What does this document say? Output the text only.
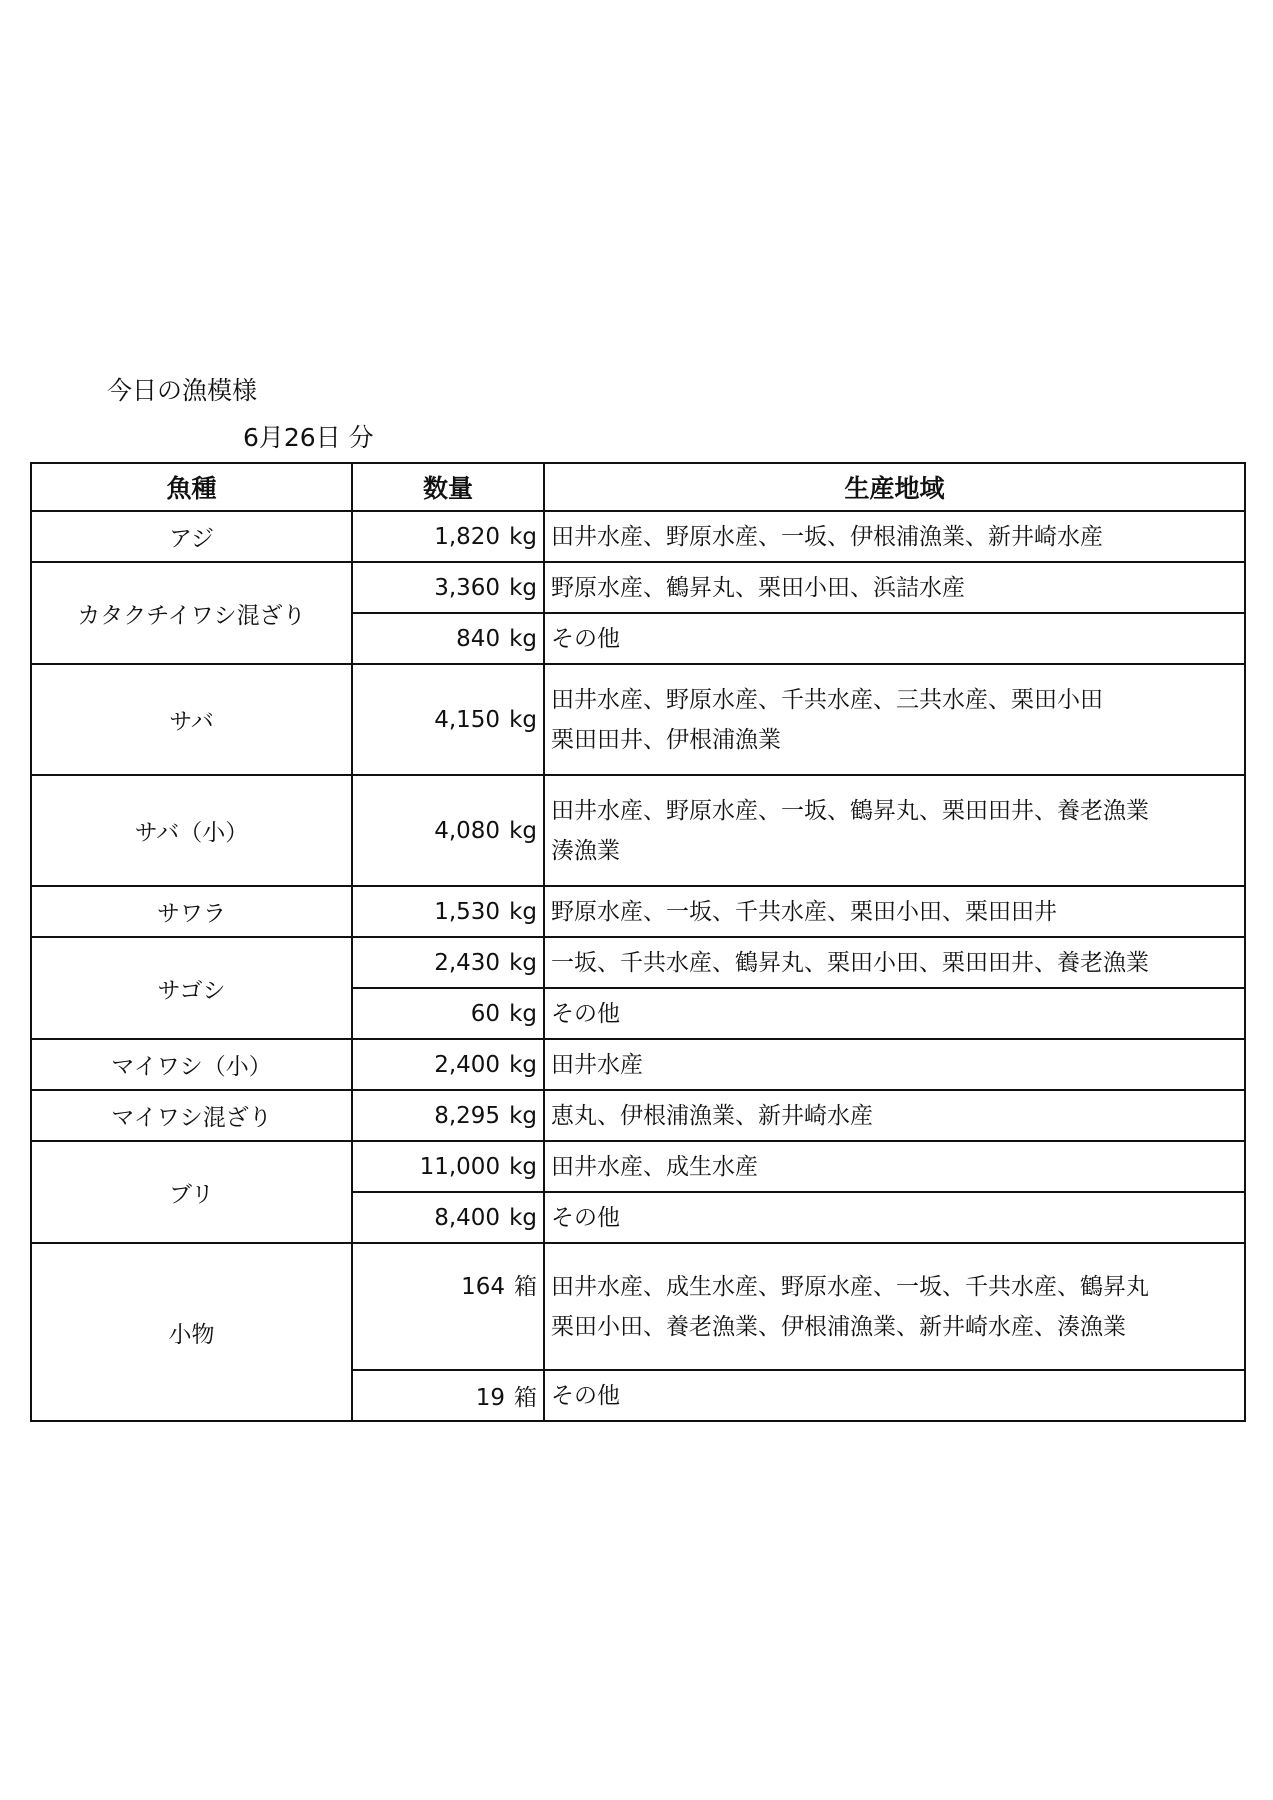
今日の漁模様
6月26日 分
魚種	数量	生産地域
アジ	1,820 kg	田井水産、野原水産、一坂、伊根浦漁業、新井崎水産

カタクチイワシ混ざり	3,360 kg	野原水産、鶴昇丸、栗田小田、浜詰水産

	840 kg	その他

サバ	4,150 kg	田井水産、野原水産、千共水産、三共水産、栗田小田
栗田田井、伊根浦漁業

サバ（小）	4,080 kg	田井水産、野原水産、一坂、鶴昇丸、栗田田井、養老漁業
湊漁業

サワラ	1,530 kg	野原水産、一坂、千共水産、栗田小田、栗田田井

サゴシ	2,430 kg	一坂、千共水産、鶴昇丸、栗田小田、栗田田井、養老漁業

	60 kg	その他

マイワシ（小）	2,400 kg	田井水産

マイワシ混ざり	8,295 kg	恵丸、伊根浦漁業、新井崎水産

ブリ	11,000 kg	田井水産、成生水産

	8,400 kg	その他

小物	164 箱	田井水産、成生水産、野原水産、一坂、千共水産、鶴昇丸
栗田小田、養老漁業、伊根浦漁業、新井崎水産、湊漁業

	19 箱	その他
